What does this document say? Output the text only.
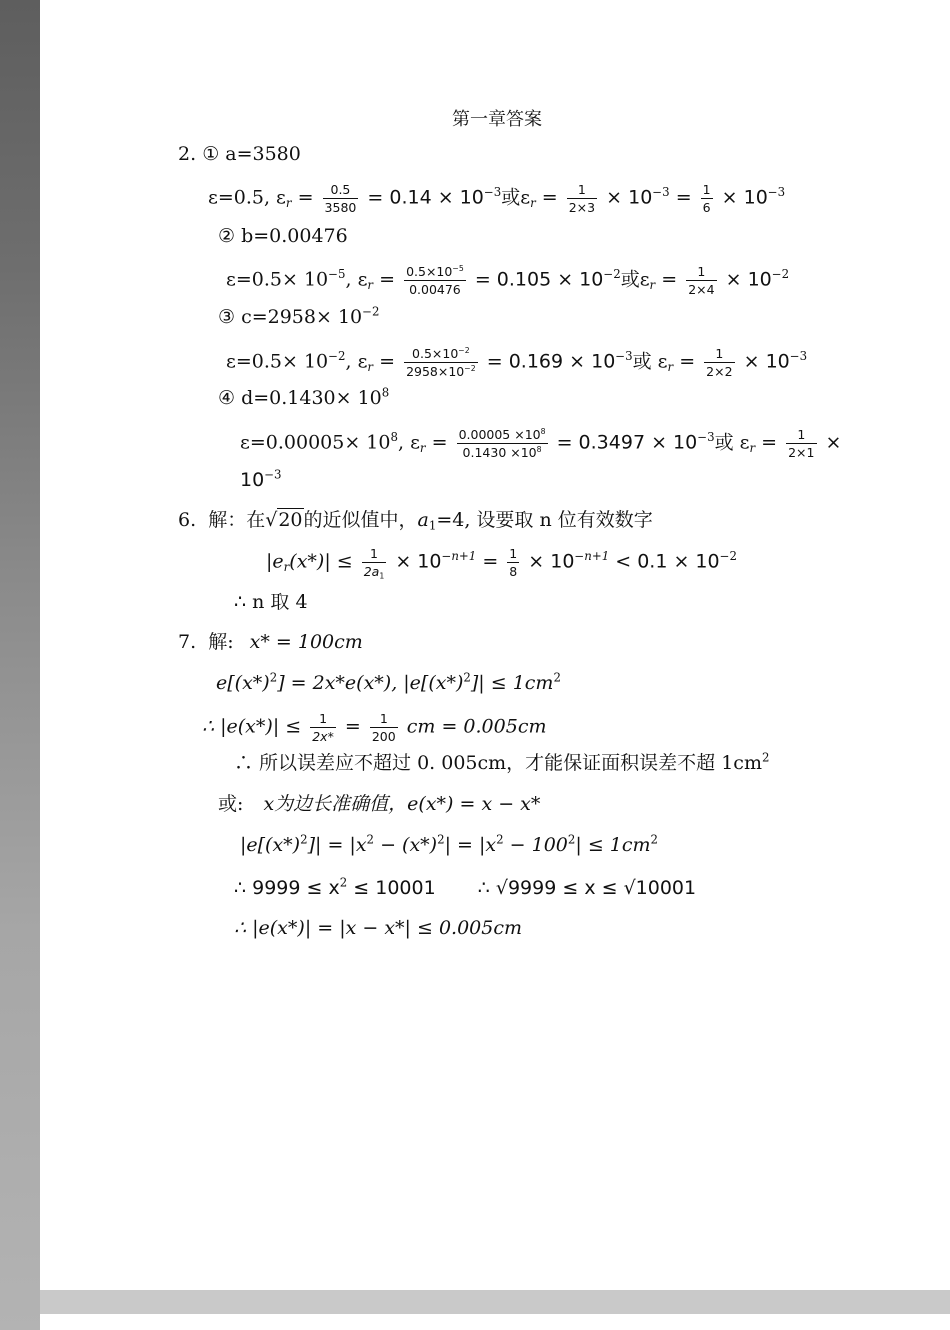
第一章答案
2. ① a=3580
ε=0.5, $\varepsilon_r = \frac{0.5}{3580} = 0.14 \times 10^{-3}$或$\varepsilon_r = \frac{1}{2\times 3} \times 10^{-3} = \frac{1}{6} \times 10^{-3}$
② b=0.00476
$\varepsilon=0.5\times 10^{-5}$, $\varepsilon_r = \frac{0.5\times 10^{-5}}{0.00476} = 0.105 \times 10^{-2}$或$\varepsilon_r = \frac{1}{2\times 4} \times 10^{-2}$
③ $c=2958\times 10^{-2}$
$\varepsilon=0.5\times 10^{-2}$, $\varepsilon_r = \frac{0.5\times 10^{-2}}{2958\times 10^{-2}} = 0.169 \times 10^{-3}$或 $\varepsilon_r = \frac{1}{2\times 2} \times 10^{-3}$
④ $d=0.1430\times 10^8$
$\varepsilon=0.00005\times 10^8$, $\varepsilon_r = \frac{0.00005 \times 10^8}{0.1430 \times 10^8} = 0.3497 \times 10^{-3}$或 $\varepsilon_r = \frac{1}{2\times 1}$ ×
$10^{-3}$
6. 解：在√20的近似值中，$a_1=4$, 设要取 n 位有效数字
$|e_r(x*)| \le \frac{1}{2a_1} \times 10^{-n+1} = \frac{1}{8} \times 10^{-n+1} < 0.1 \times 10^{-2}$
∴ n 取 4
7. 解: x* = 100cm
$e[(x*)^2] = 2x*e(x*)$, $|e[(x*)^2]| \le 1cm^2$
∴ $|e(x*)| \le \frac{1}{2x*} = \frac{1}{200}$ cm = 0.005cm
∴ 所以误差应不超过 0. 005cm，才能保证面积误差不超 $1cm^2$
或: x为边长准确值，e(x*) = x − x*
$|e[(x*)^2]| = |x^2 - (x*)^2| = |x^2 - 100^2| \le 1cm^2$
∴ $9999 \le x^2 \le 10001$ ∴ √9999 ≤ x ≤ √10001
∴ |e(x*)| = |x − x*| ≤ 0.005cm
